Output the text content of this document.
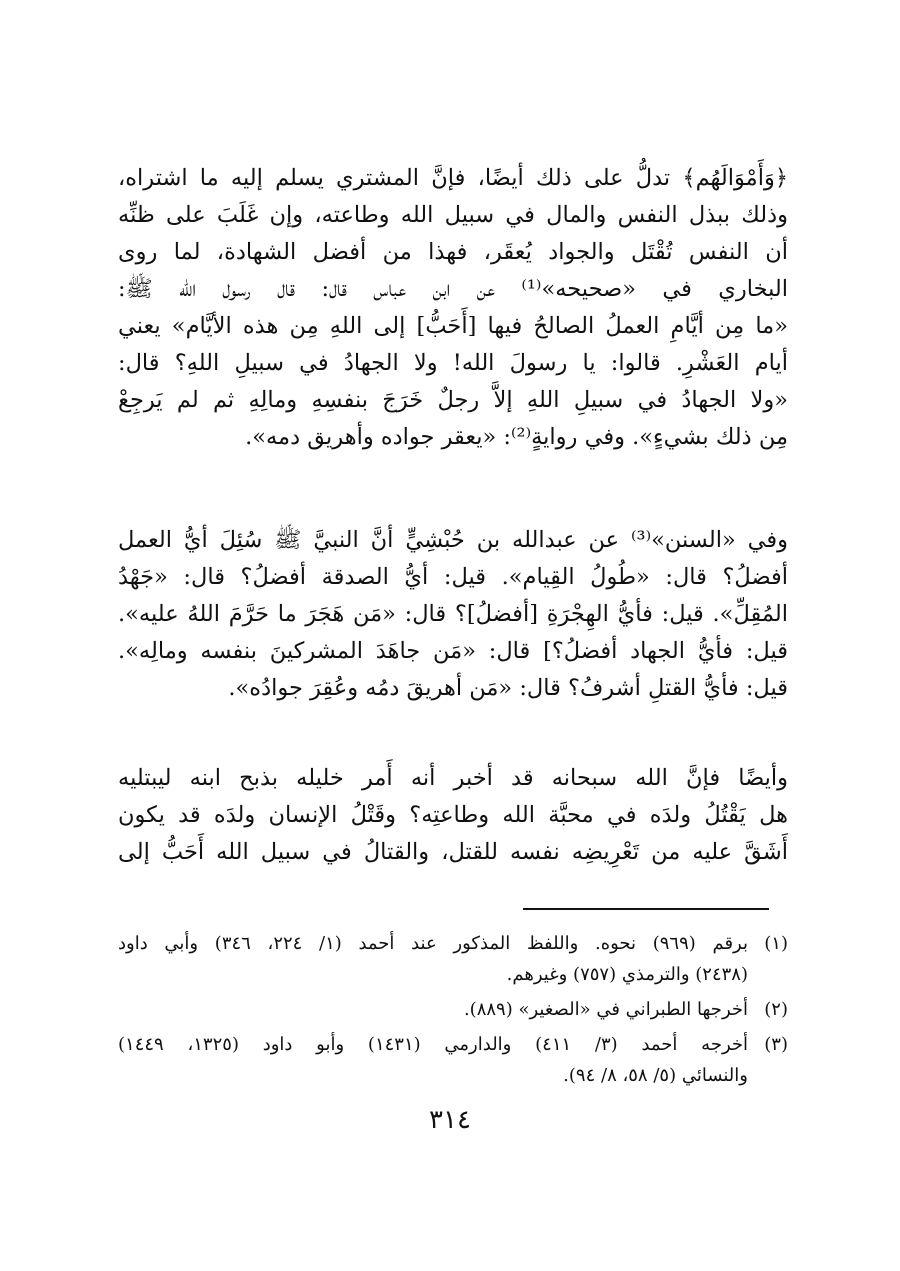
﴿وَأَمْوَالَهُم﴾ تدلُّ على ذلك أيضًا، فإنَّ المشتري يسلم إليه ما اشتراه،
وذلك ببذل النفس والمال في سبيل الله وطاعته، وإن غَلَبَ على ظنِّه
أن النفس تُقْتَل والجواد يُعقَر، فهذا من أفضل الشهادة، لما روى
البخاري في «صحيحه»⁽¹⁾ عن ابن عباس قال: قال رسول الله ﷺ:
«ما مِن أيَّامِ العملُ الصالحُ فيها [أَحَبُّ] إلى اللهِ مِن هذه الأيَّام» يعني
أيام العَشْرِ. قالوا: يا رسولَ الله! ولا الجهادُ في سبيلِ اللهِ؟ قال:
«ولا الجهادُ في سبيلِ اللهِ إلاَّ رجلٌ خَرَجَ بنفسِهِ ومالِهِ ثم لم يَرجِعْ
مِن ذلك بشيءٍ». وفي روايةٍ⁽²⁾: «يعقر جواده وأهريق دمه».
وفي «السنن»⁽³⁾ عن عبدالله بن حُبْشِيٍّ أنَّ النبيَّ ﷺ سُئِلَ أيُّ العمل
أفضلُ؟ قال: «طُولُ القِيام». قيل: أيُّ الصدقة أفضلُ؟ قال: «جَهْدُ
المُقِلِّ». قيل: فأيُّ الهِجْرَةِ [أفضلُ]؟ قال: «مَن هَجَرَ ما حَرَّمَ اللهُ عليه».
قيل: فأيُّ الجهاد أفضلُ؟] قال: «مَن جاهَدَ المشركينَ بنفسه ومالِه».
قيل: فأيُّ القتلِ أشرفُ؟ قال: «مَن أهريقَ دمُه وعُقِرَ جوادُه».
وأيضًا فإنَّ الله سبحانه قد أخبر أنه أَمر خليله بذبح ابنه ليبتليه
هل يَقْتُلُ ولدَه في محبَّة الله وطاعتِه؟ وقَتْلُ الإنسان ولدَه قد يكون
أَشَقَّ عليه من تَعْرِيضِه نفسه للقتل، والقتالُ في سبيل الله أَحَبُّ إلى
(١)
برقم (٩٦٩) نحوه. واللفظ المذكور عند أحمد (١/ ٢٢٤، ٣٤٦) وأبي داود
(٢٤٣٨) والترمذي (٧٥٧) وغيرهم.
(٢)
أخرجها الطبراني في «الصغير» (٨٨٩).
(٣)
أخرجه أحمد (٣/ ٤١١) والدارمي (١٤٣١) وأبو داود (١٣٢٥، ١٤٤٩)
والنسائي (٥/ ٥٨، ٨/ ٩٤).
٣١٤
